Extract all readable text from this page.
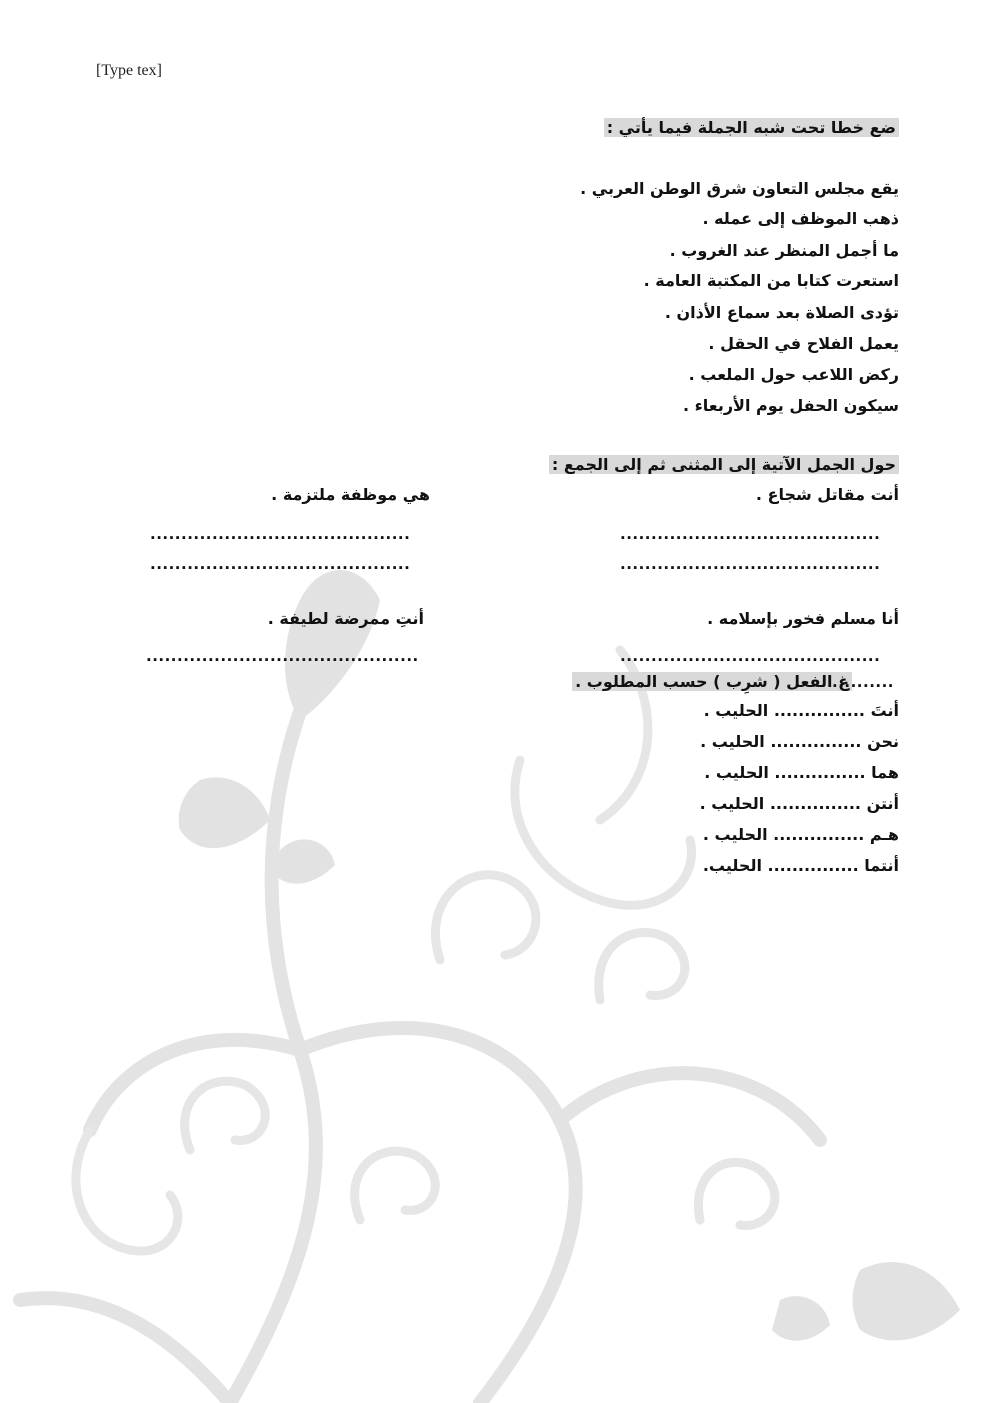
[Type tex]
ضع خطا تحت شبه الجملة فيما يأتي :
يقع مجلس التعاون شرق الوطن العربي .
ذهب الموظف إلى عمله .
ما أجمل المنظر عند الغروب .
استعرت كتابا من المكتبة العامة .
تؤدى الصلاة بعد سماع الأذان .
يعمل الفلاح في الحقل .
ركض اللاعب حول الملعب .
سيكون الحفل يوم الأربعاء .
حول الجمل الآتية إلى المثنى ثم إلى الجمع :
أنت مقاتل شجاع .
هي موظفة ملتزمة .
..........................................
..........................................
..........................................
..........................................
أنا مسلم فخور بإسلامه .
أنتِ ممرضة لطيفة .
..........................................
............................................
غ الفعل ( شرِب ) حسب المطلوب .
..........
أنتَ ............... الحليب .
نحن ............... الحليب .
هما ............... الحليب .
أنتن ............... الحليب .
هـم ............... الحليب .
أنتما ............... الحليب.
